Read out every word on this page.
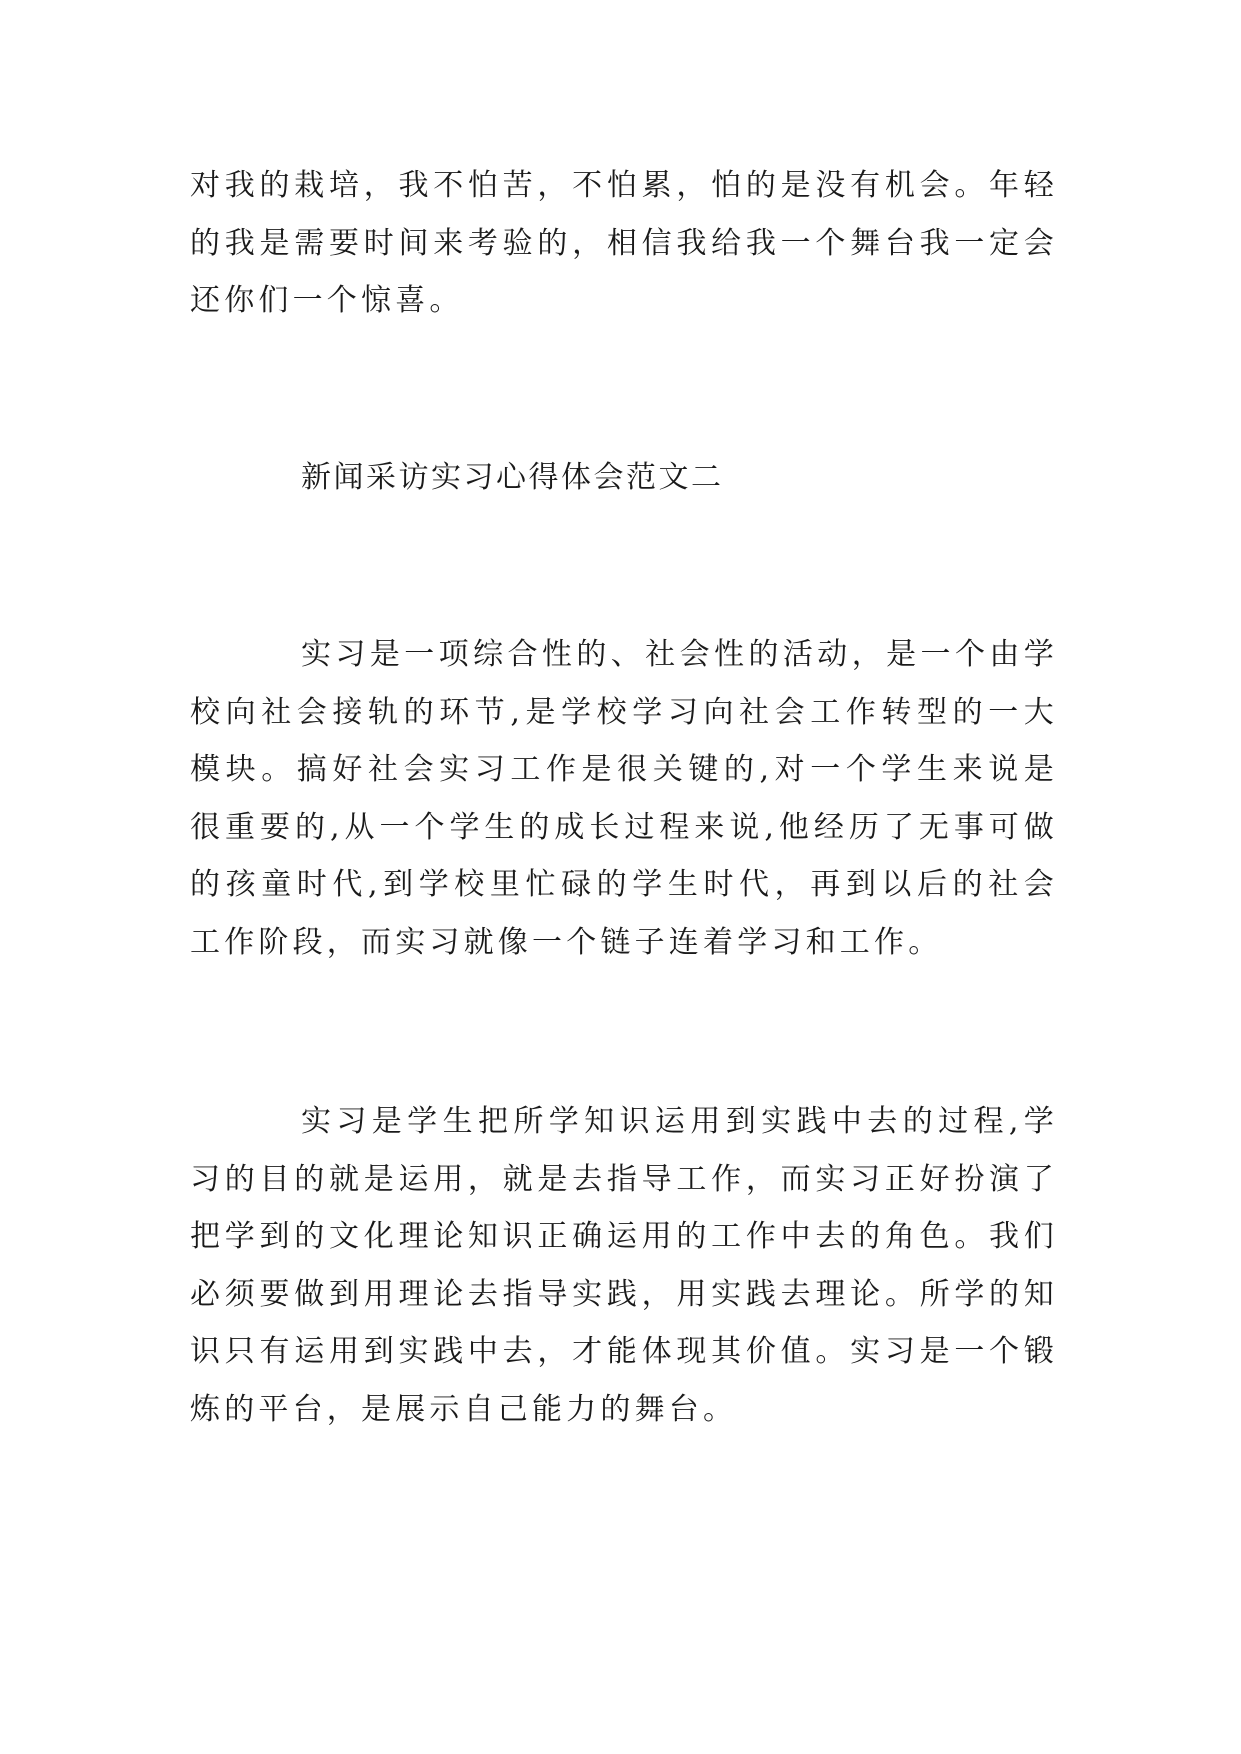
对我的栽培，我不怕苦，不怕累，怕的是没有机会。年轻的我是需要时间来考验的，相信我给我一个舞台我一定会还你们一个惊喜。

新闻采访实习心得体会范文二

实习是一项综合性的、社会性的活动，是一个由学校向社会接轨的环节,是学校学习向社会工作转型的一大模块。搞好社会实习工作是很关键的,对一个学生来说是很重要的,从一个学生的成长过程来说,他经历了无事可做的孩童时代,到学校里忙碌的学生时代，再到以后的社会工作阶段，而实习就像一个链子连着学习和工作。

实习是学生把所学知识运用到实践中去的过程,学习的目的就是运用，就是去指导工作，而实习正好扮演了把学到的文化理论知识正确运用的工作中去的角色。我们必须要做到用理论去指导实践，用实践去理论。所学的知识只有运用到实践中去，才能体现其价值。实习是一个锻炼的平台，是展示自己能力的舞台。
